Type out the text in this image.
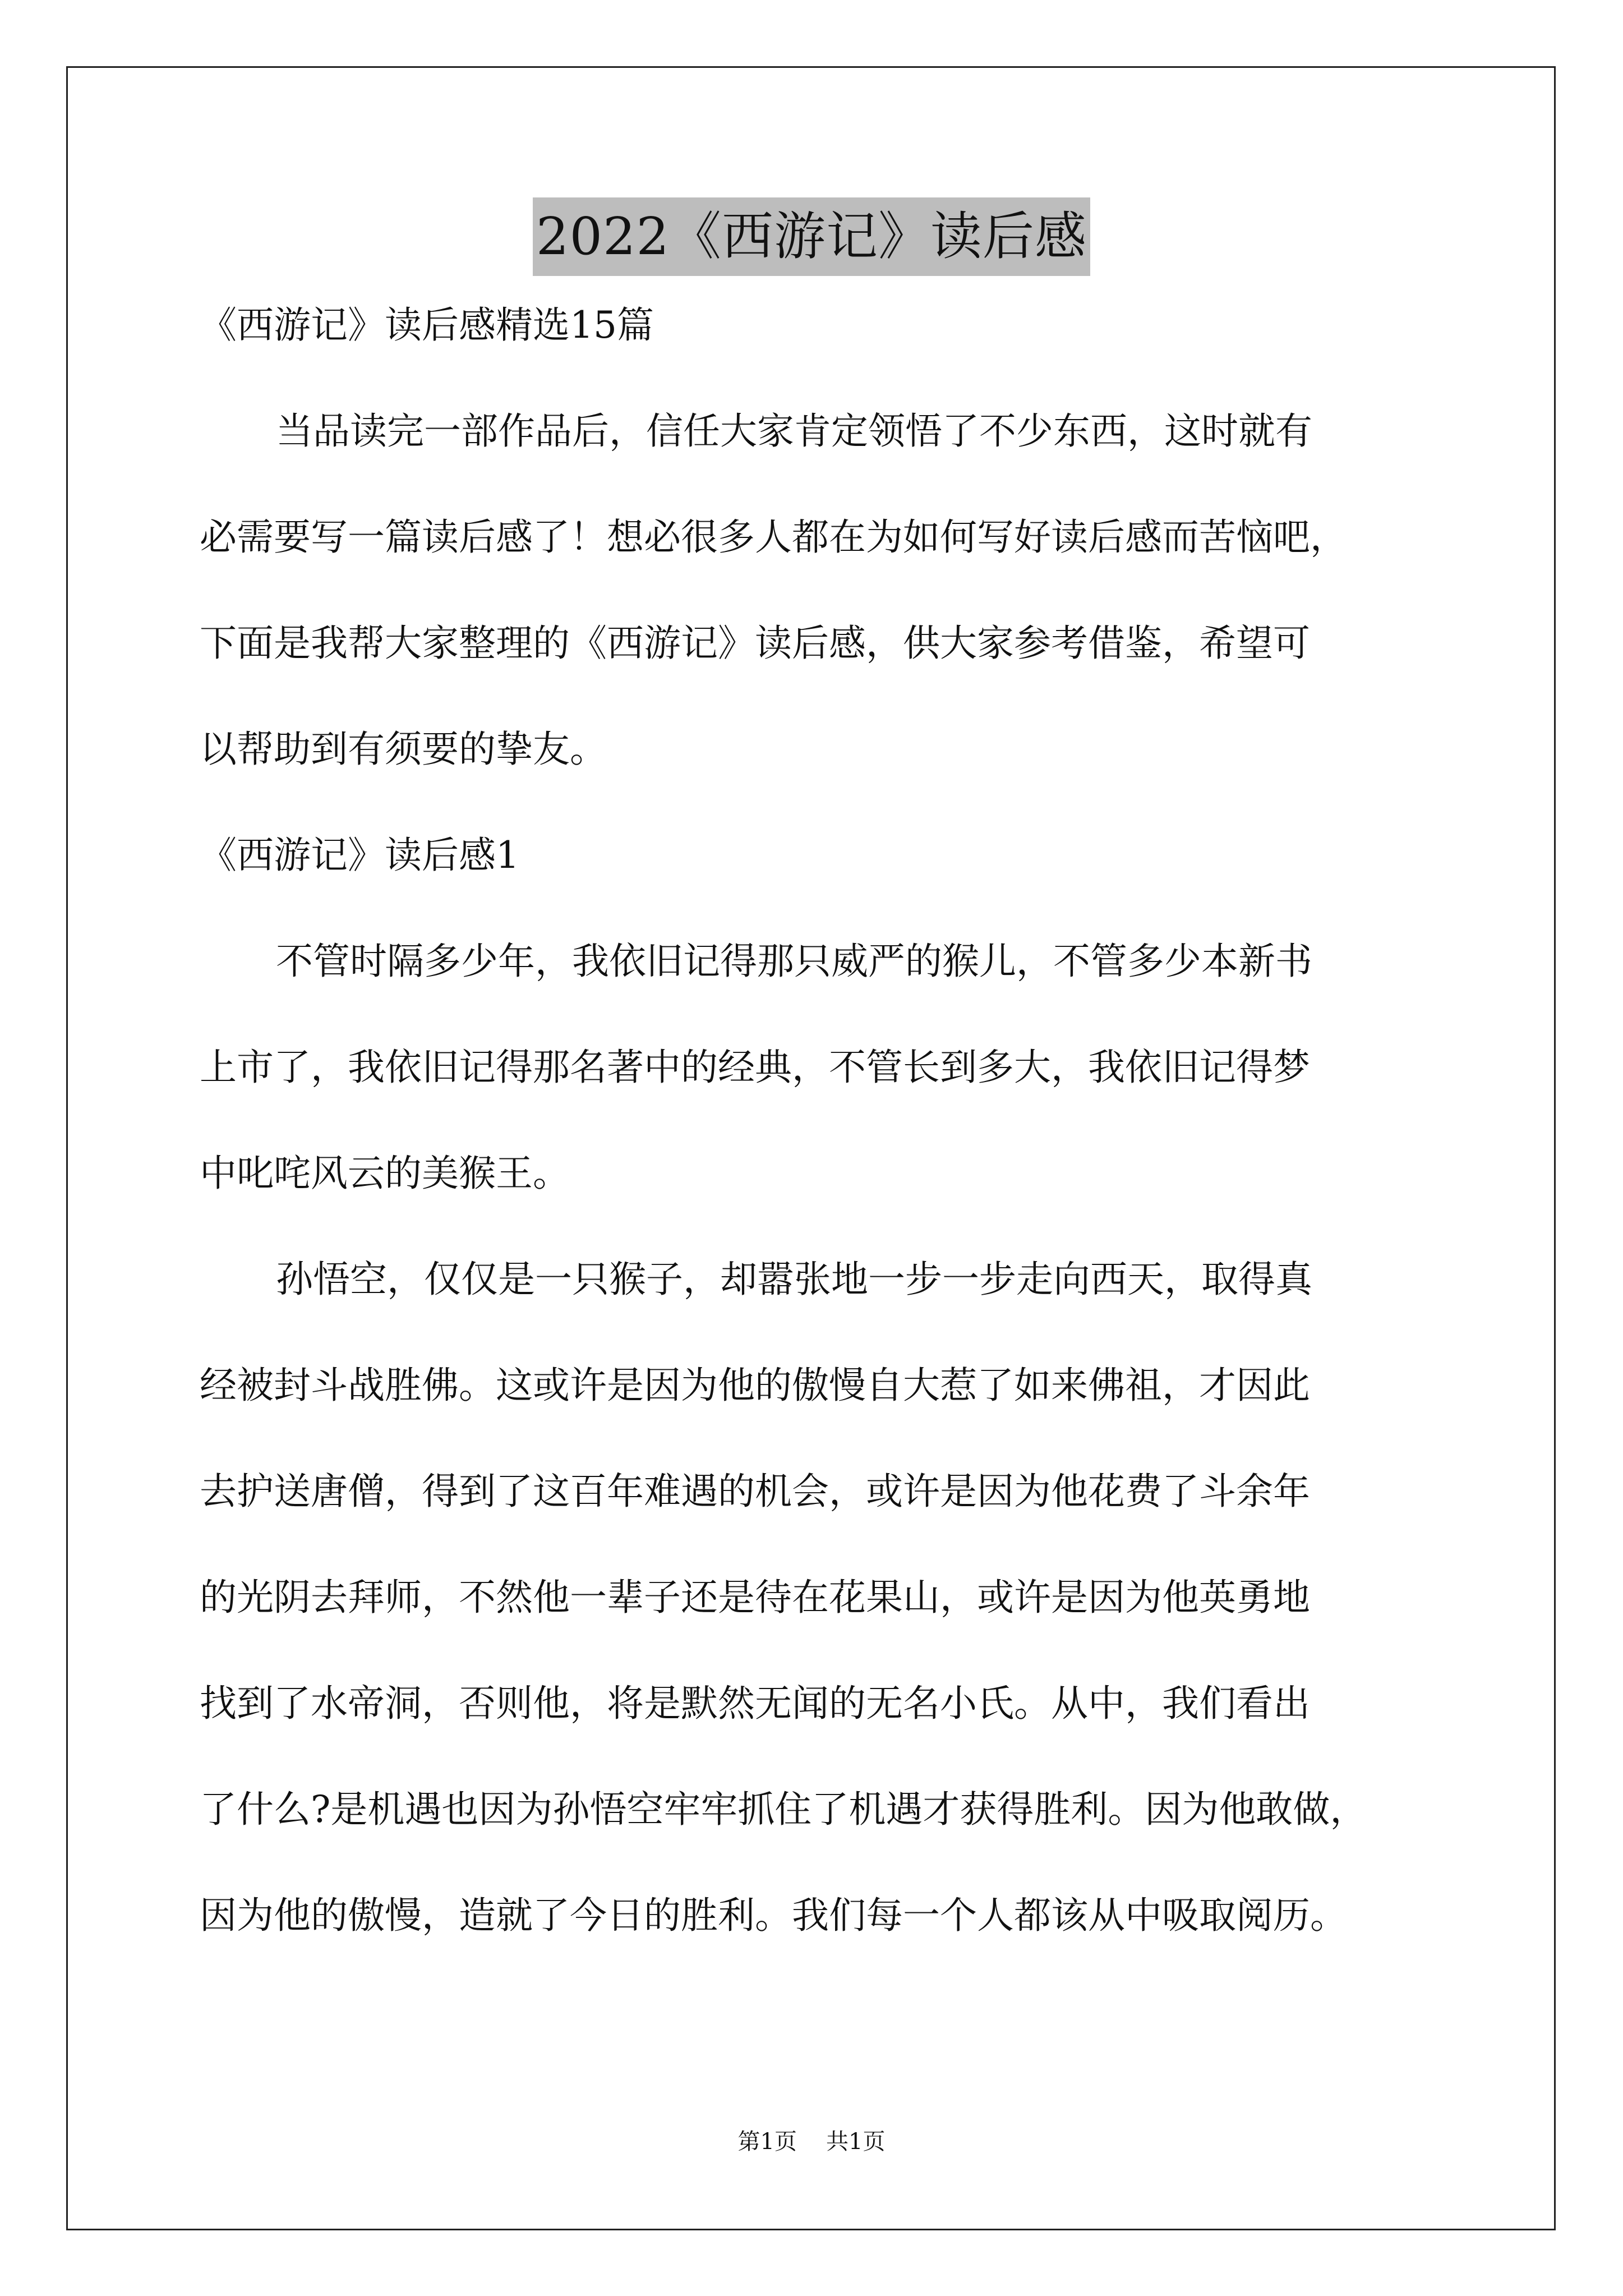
2022《西游记》读后感
《西游记》读后感精选15篇
当品读完一部作品后，信任大家肯定领悟了不少东西，这时就有
必需要写一篇读后感了！想必很多人都在为如何写好读后感而苦恼吧，
下面是我帮大家整理的《西游记》读后感，供大家参考借鉴，希望可
以帮助到有须要的挚友。
《西游记》读后感1
不管时隔多少年，我依旧记得那只威严的猴儿，不管多少本新书
上市了，我依旧记得那名著中的经典，不管长到多大，我依旧记得梦
中叱咤风云的美猴王。
孙悟空，仅仅是一只猴子，却嚣张地一步一步走向西天，取得真
经被封斗战胜佛。这或许是因为他的傲慢自大惹了如来佛祖，才因此
去护送唐僧，得到了这百年难遇的机会，或许是因为他花费了斗余年
的光阴去拜师，不然他一辈子还是待在花果山，或许是因为他英勇地
找到了水帝洞，否则他，将是默然无闻的无名小氏。从中，我们看出
了什么?是机遇也因为孙悟空牢牢抓住了机遇才获得胜利。因为他敢做，
因为他的傲慢，造就了今日的胜利。我们每一个人都该从中吸取阅历。
第1页 共1页
